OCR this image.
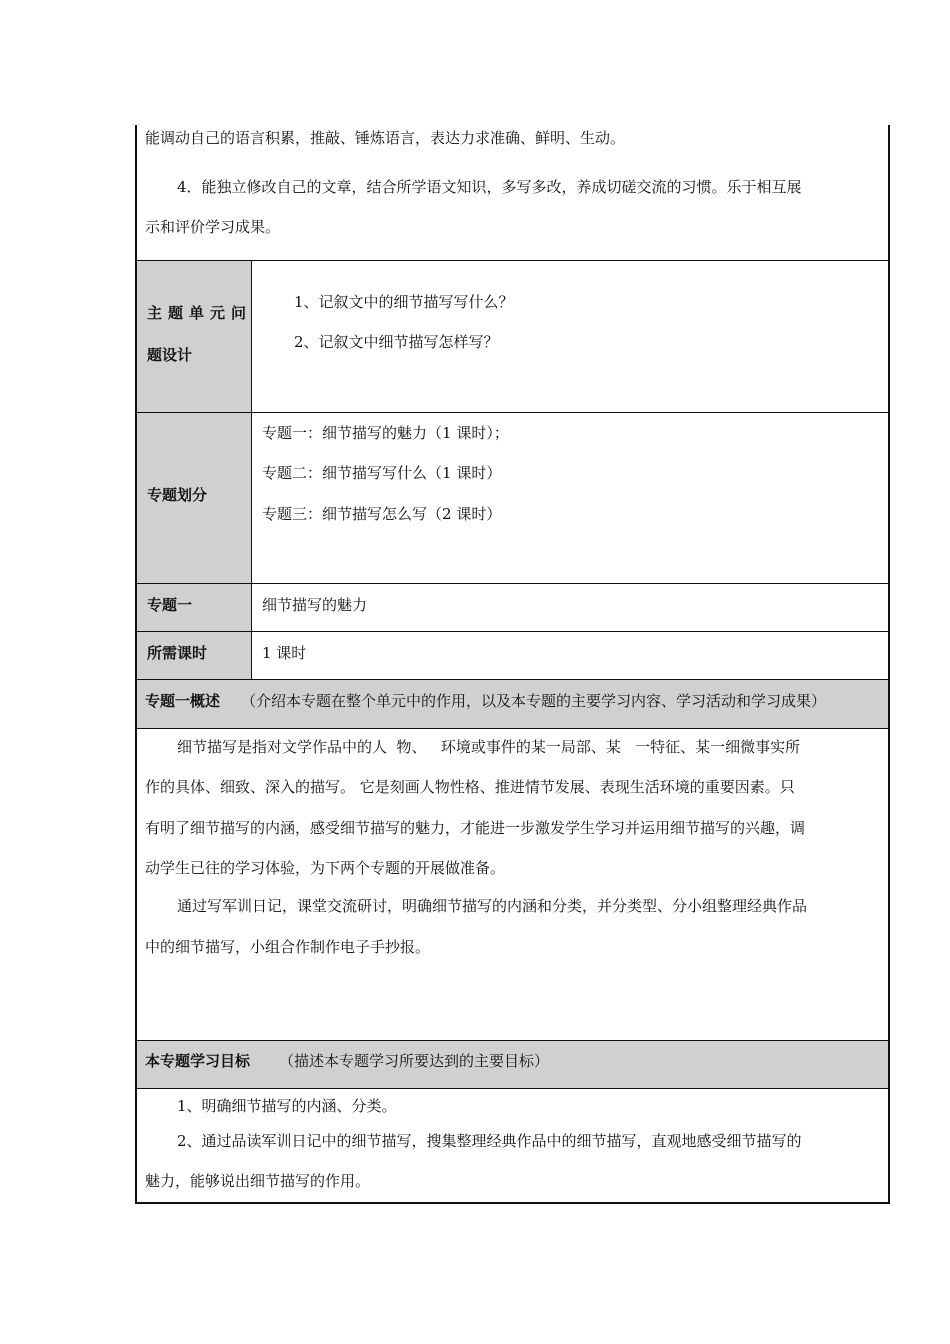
能调动自己的语言积累，推敲、锤炼语言，表达力求准确、鲜明、生动。
4．能独立修改自己的文章，结合所学语文知识，多写多改，养成切磋交流的习惯。乐于相互展
示和评价学习成果。
主题单元问
题设计
1、记叙文中的细节描写写什么？
2、记叙文中细节描写怎样写？
专题划分
专题一：细节描写的魅力（1 课时）；
专题二：细节描写写什么（1 课时）
专题三：细节描写怎么写（2 课时）
专题一	细节描写的魅力
所需课时	1 课时
专题一概述 （介绍本专题在整个单元中的作用，以及本专题的主要学习内容、学习活动和学习成果）
细节描写是指对文学作品中的人  物、   环境或事件的某一局部、某   一特征、某一细微事实所
作的具体、细致、深入的描写。 它是刻画人物性格、推进情节发展、表现生活环境的重要因素。只
有明了细节描写的内涵，感受细节描写的魅力，才能进一步激发学生学习并运用细节描写的兴趣，调
动学生已往的学习体验，为下两个专题的开展做准备。
通过写军训日记，课堂交流研讨，明确细节描写的内涵和分类，并分类型、分小组整理经典作品
中的细节描写，小组合作制作电子手抄报。
本专题学习目标 （描述本专题学习所要达到的主要目标）
1、明确细节描写的内涵、分类。
2、通过品读军训日记中的细节描写，搜集整理经典作品中的细节描写，直观地感受细节描写的
魅力，能够说出细节描写的作用。
